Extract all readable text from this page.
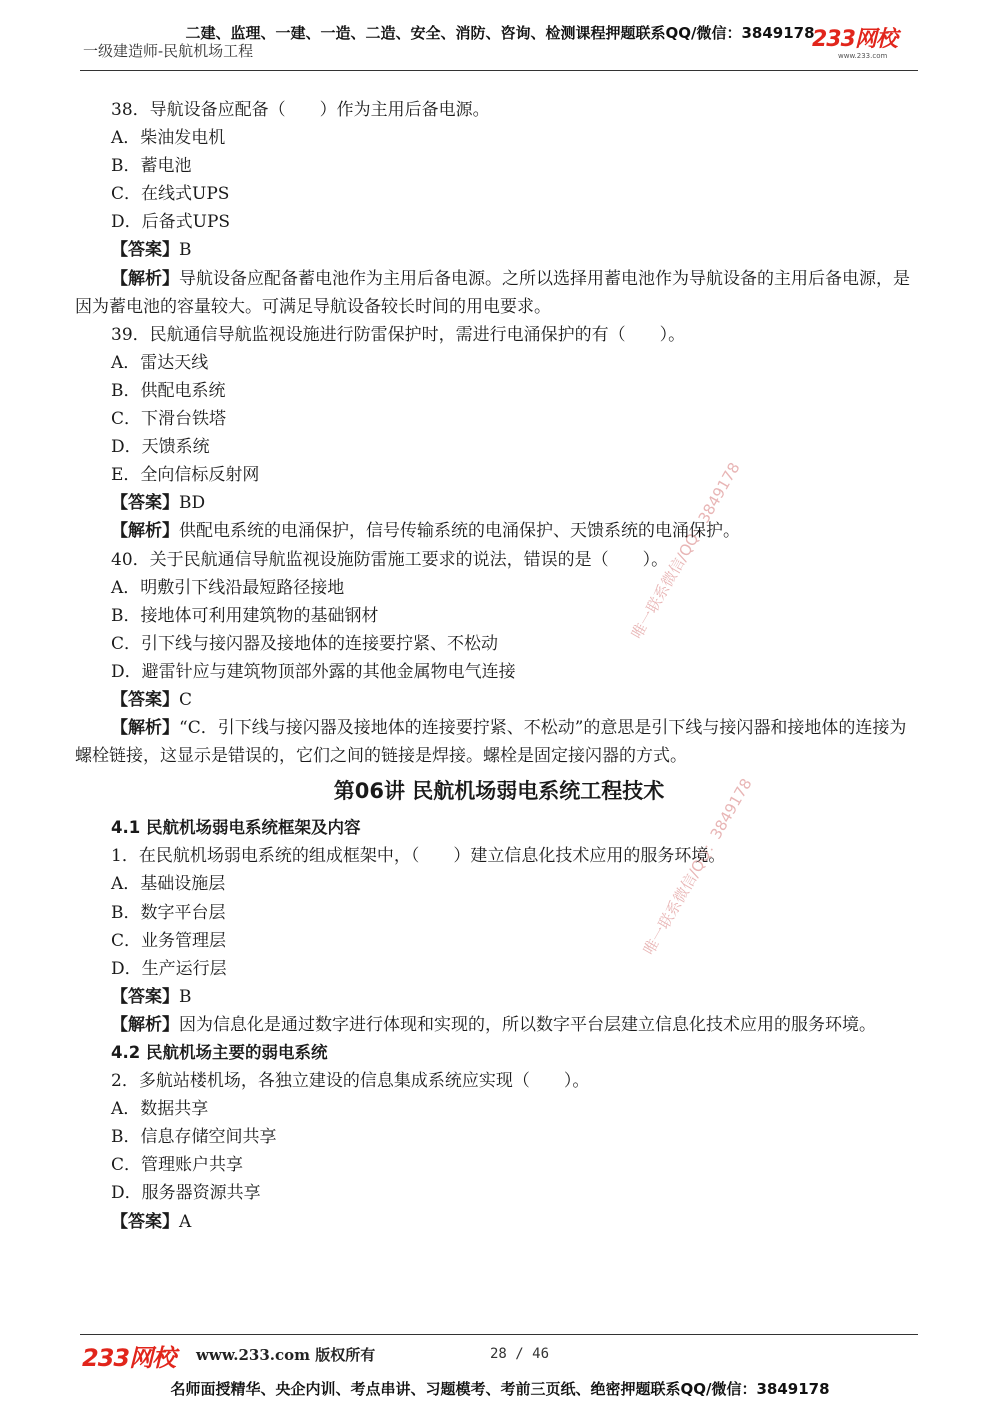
二建、监理、一建、一造、二造、安全、消防、咨询、检测课程押题联系QQ/微信：3849178
一级建造师-民航机场工程	233网校
www.233.com
唯一联系微信/QQ：3849178
唯一联系微信/QQ：3849178
38．导航设备应配备（　　）作为主用后备电源。
A．柴油发电机
B．蓄电池
C．在线式UPS
D．后备式UPS
【答案】B
【解析】导航设备应配备蓄电池作为主用后备电源。之所以选择用蓄电池作为导航设备的主用后备电源，是因为蓄电池的容量较大。可满足导航设备较长时间的用电要求。
39．民航通信导航监视设施进行防雷保护时，需进行电涌保护的有（　　）。
A．雷达天线
B．供配电系统
C．下滑台铁塔
D．天馈系统
E．全向信标反射网
【答案】BD
【解析】供配电系统的电涌保护，信号传输系统的电涌保护、天馈系统的电涌保护。
40．关于民航通信导航监视设施防雷施工要求的说法，错误的是（　　）。
A．明敷引下线沿最短路径接地
B．接地体可利用建筑物的基础钢材
C．引下线与接闪器及接地体的连接要拧紧、不松动
D．避雷针应与建筑物顶部外露的其他金属物电气连接
【答案】C
【解析】“C．引下线与接闪器及接地体的连接要拧紧、不松动”的意思是引下线与接闪器和接地体的连接为螺栓链接，这显示是错误的，它们之间的链接是焊接。螺栓是固定接闪器的方式。
第06讲 民航机场弱电系统工程技术
4.1 民航机场弱电系统框架及内容
1．在民航机场弱电系统的组成框架中，（　　）建立信息化技术应用的服务环境。
A．基础设施层
B．数字平台层
C．业务管理层
D．生产运行层
【答案】B
【解析】因为信息化是通过数字进行体现和实现的，所以数字平台层建立信息化技术应用的服务环境。
4.2 民航机场主要的弱电系统
2．多航站楼机场，各独立建设的信息集成系统应实现（　　）。
A．数据共享
B．信息存储空间共享
C．管理账户共享
D．服务器资源共享
【答案】A
233网校 www.233.com 版权所有	28 / 46
名师面授精华、央企内训、考点串讲、习题模考、考前三页纸、绝密押题联系QQ/微信：3849178
